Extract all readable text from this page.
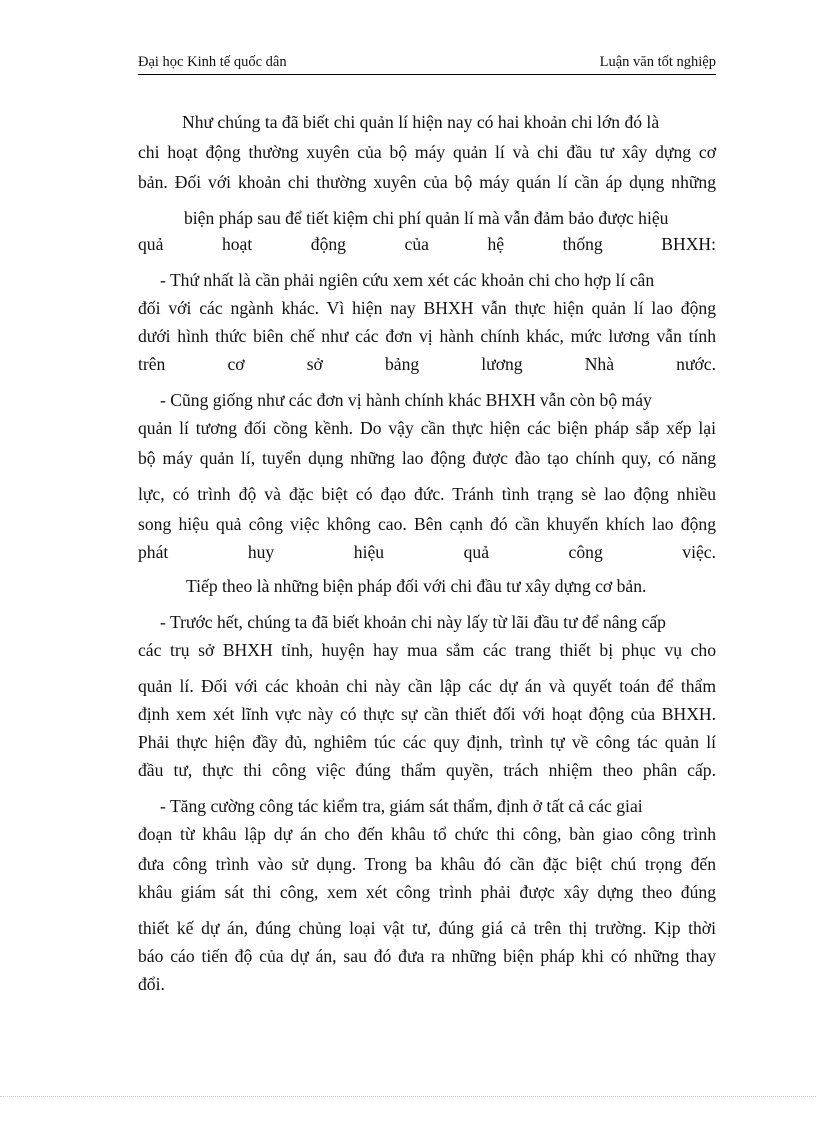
Đại học Kinh tế quốc dân	Luận văn tốt nghiệp
Như chúng ta đã biết chi quản lí hiện nay có hai khoản chi lớn đó là
chi hoạt động thường xuyên của bộ máy quản lí và chi đầu tư xây dựng cơ
bản. Đối với khoản chi thường xuyên của bộ máy quán lí cần áp dụng những
biện pháp sau để tiết kiệm chi phí quản lí mà vẫn đảm bảo được hiệu
quả hoạt động của hệ thống BHXH:
- Thứ nhất là cần phải ngiên cứu xem xét các khoản chi cho hợp lí cân
đối với các ngành khác. Vì hiện nay BHXH vẫn thực hiện quản lí lao động
dưới hình thức biên chế như các đơn vị hành chính khác, mức lương vẫn tính
trên cơ sở bảng lương Nhà nước.
- Cũng giống như các đơn vị hành chính khác BHXH vẫn còn bộ máy
quản lí tương đối cồng kềnh. Do vậy cần thực hiện các biện pháp sắp xếp lại
bộ máy quản lí, tuyển dụng những lao động được đào tạo chính quy, có năng
lực, có trình độ và đặc biệt có đạo đức. Tránh tình trạng sè lao động nhiều
song hiệu quả công việc không cao. Bên cạnh đó cần khuyến khích lao động
phát huy hiệu quả công việc.
Tiếp theo là những biện pháp đối với chi đầu tư xây dựng cơ bản.
- Trước hết, chúng ta đã biết khoản chi này lấy từ lãi đầu tư để nâng cấp
các trụ sở BHXH tỉnh, huyện hay mua sắm các trang thiết bị phục vụ cho
quản lí. Đối với các khoản chi này cần lập các dự án và quyết toán để thẩm
định xem xét lĩnh vực này có thực sự cần thiết đối với hoạt động của BHXH.
Phải thực hiện đầy đủ, nghiêm túc các quy định, trình tự về công tác quản lí
đầu tư, thực thi công việc đúng thẩm quyền, trách nhiệm theo phân cấp.
- Tăng cường công tác kiểm tra, giám sát thẩm, định ở tất cả các giai
đoạn từ khâu lập dự án cho đến khâu tổ chức thi công, bàn giao công trình
đưa công trình vào sử dụng. Trong ba khâu đó cần đặc biệt chú trọng đến
khâu giám sát thi công, xem xét công trình phải được xây dựng theo đúng
thiết kế dự án, đúng chủng loại vật tư, đúng giá cả trên thị trường. Kịp thời
báo cáo tiến độ của dự án, sau đó đưa ra những biện pháp khi có những thay
đổi.
